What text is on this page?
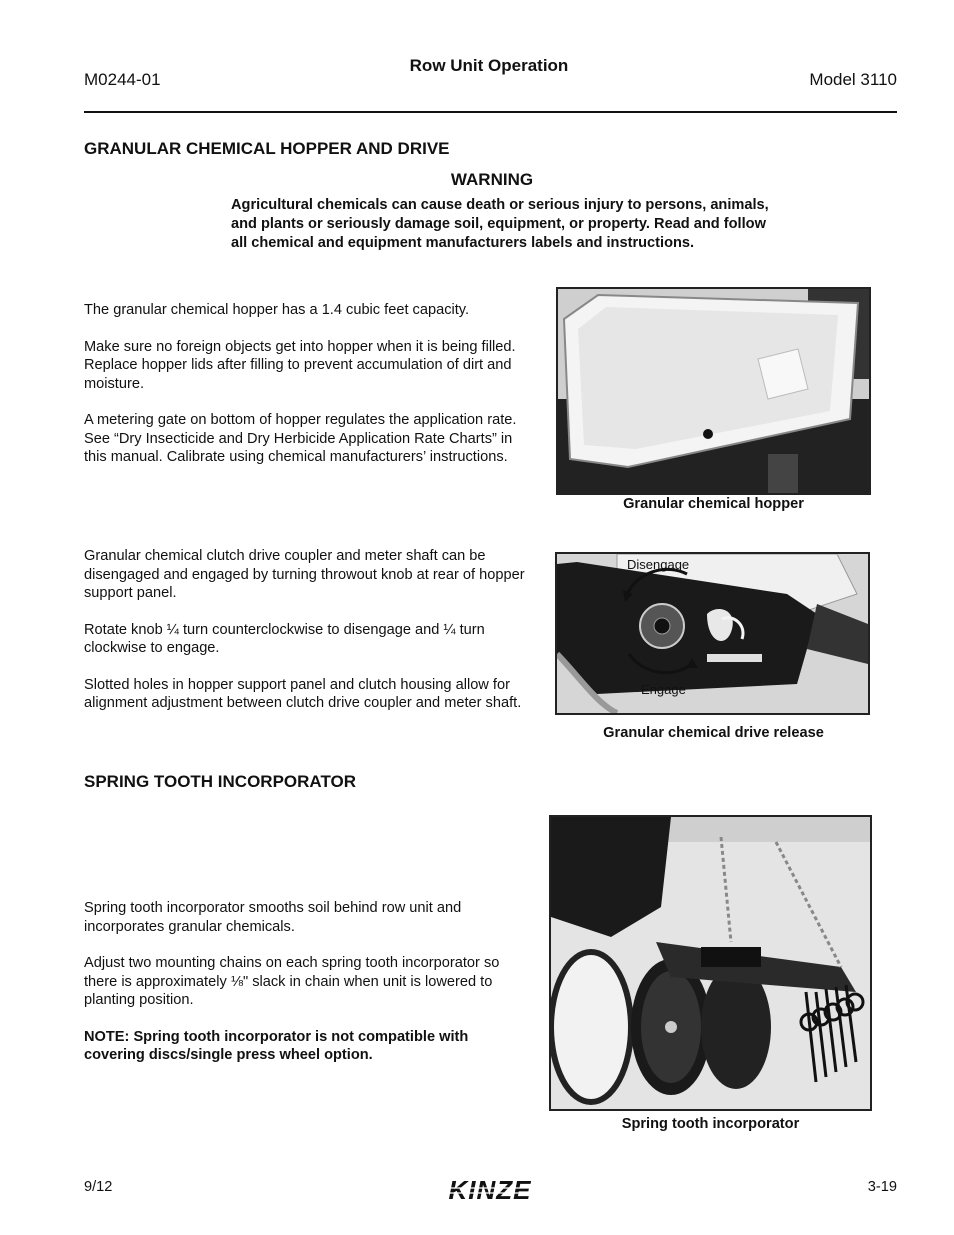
M0244-01
Row Unit Operation
Model 3110
GRANULAR CHEMICAL HOPPER AND DRIVE
WARNING
Agricultural chemicals can cause death or serious injury to persons, animals, and plants or seriously damage soil, equipment, or property. Read and follow all chemical and equipment manufacturers labels and instructions.

The granular chemical hopper has a 1.4 cubic feet capacity.

Make sure no foreign objects get into hopper when it is being filled. Replace hopper lids after filling to prevent accumulation of dirt and moisture.

A metering gate on bottom of hopper regulates the application rate. See “Dry Insecticide and Dry Herbicide Application Rate Charts” in this manual. Calibrate using chemical manufacturers’ instructions.

Granular chemical hopper

Granular chemical clutch drive coupler and meter shaft can be disengaged and engaged by turning throwout knob at rear of hopper support panel.

Rotate knob ¼ turn counterclockwise to disengage and ¼ turn clockwise to engage.

Slotted holes in hopper support panel and clutch housing allow for alignment adjustment between clutch drive coupler and meter shaft.

Disengage
Engage
Granular chemical drive release
SPRING TOOTH INCORPORATOR

Spring tooth incorporator smooths soil behind row unit and incorporates granular chemicals.

Adjust two mounting chains on each spring tooth incorporator so there is approximately ⅛" slack in chain when unit is lowered to planting position.

NOTE: Spring tooth incorporator is not compatible with covering discs/single press wheel option.

Spring tooth incorporator
9/12	KINZE	3-19
